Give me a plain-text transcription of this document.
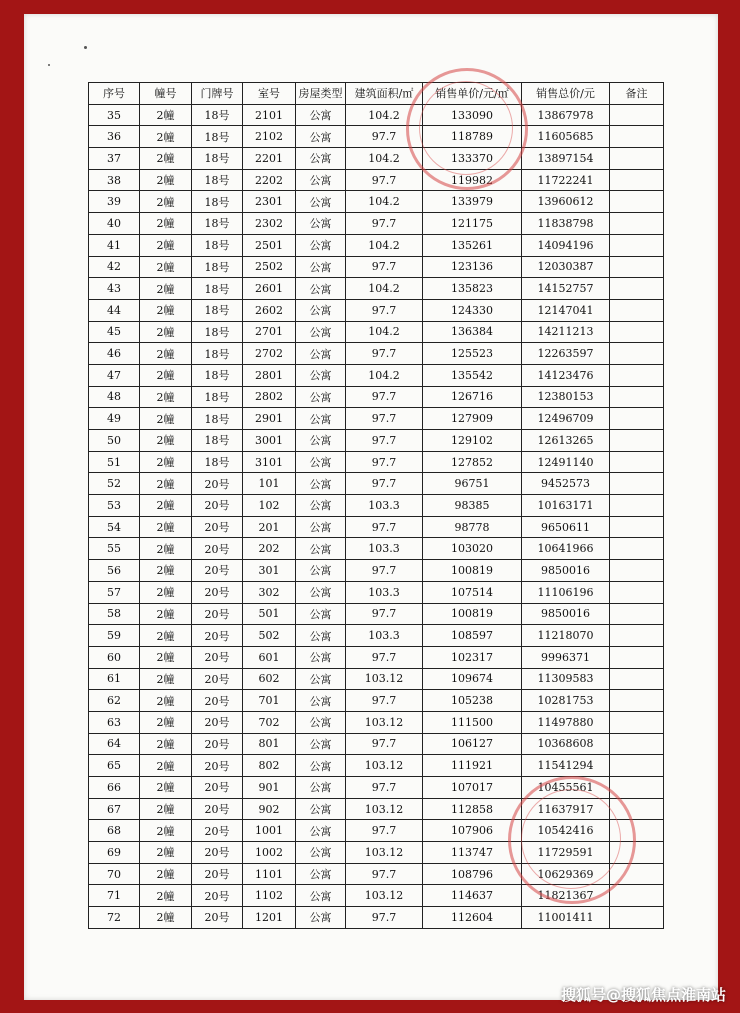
序号	幢号	门牌号	室号	房屋类型	建筑面积/㎡	销售单价/元/㎡	销售总价/元	备注
35	2幢	18号	2101	公寓	104.2	133090	13867978	
36	2幢	18号	2102	公寓	97.7	118789	11605685	
37	2幢	18号	2201	公寓	104.2	133370	13897154	
38	2幢	18号	2202	公寓	97.7	119982	11722241	
39	2幢	18号	2301	公寓	104.2	133979	13960612	
40	2幢	18号	2302	公寓	97.7	121175	11838798	
41	2幢	18号	2501	公寓	104.2	135261	14094196	
42	2幢	18号	2502	公寓	97.7	123136	12030387	
43	2幢	18号	2601	公寓	104.2	135823	14152757	
44	2幢	18号	2602	公寓	97.7	124330	12147041	
45	2幢	18号	2701	公寓	104.2	136384	14211213	
46	2幢	18号	2702	公寓	97.7	125523	12263597	
47	2幢	18号	2801	公寓	104.2	135542	14123476	
48	2幢	18号	2802	公寓	97.7	126716	12380153	
49	2幢	18号	2901	公寓	97.7	127909	12496709	
50	2幢	18号	3001	公寓	97.7	129102	12613265	
51	2幢	18号	3101	公寓	97.7	127852	12491140	
52	2幢	20号	101	公寓	97.7	96751	9452573	
53	2幢	20号	102	公寓	103.3	98385	10163171	
54	2幢	20号	201	公寓	97.7	98778	9650611	
55	2幢	20号	202	公寓	103.3	103020	10641966	
56	2幢	20号	301	公寓	97.7	100819	9850016	
57	2幢	20号	302	公寓	103.3	107514	11106196	
58	2幢	20号	501	公寓	97.7	100819	9850016	
59	2幢	20号	502	公寓	103.3	108597	11218070	
60	2幢	20号	601	公寓	97.7	102317	9996371	
61	2幢	20号	602	公寓	103.12	109674	11309583	
62	2幢	20号	701	公寓	97.7	105238	10281753	
63	2幢	20号	702	公寓	103.12	111500	11497880	
64	2幢	20号	801	公寓	97.7	106127	10368608	
65	2幢	20号	802	公寓	103.12	111921	11541294	
66	2幢	20号	901	公寓	97.7	107017	10455561	
67	2幢	20号	902	公寓	103.12	112858	11637917	
68	2幢	20号	1001	公寓	97.7	107906	10542416	
69	2幢	20号	1002	公寓	103.12	113747	11729591	
70	2幢	20号	1101	公寓	97.7	108796	10629369	
71	2幢	20号	1102	公寓	103.12	114637	11821367	
72	2幢	20号	1201	公寓	97.7	112604	11001411	
搜狐号@搜狐焦点淮南站
